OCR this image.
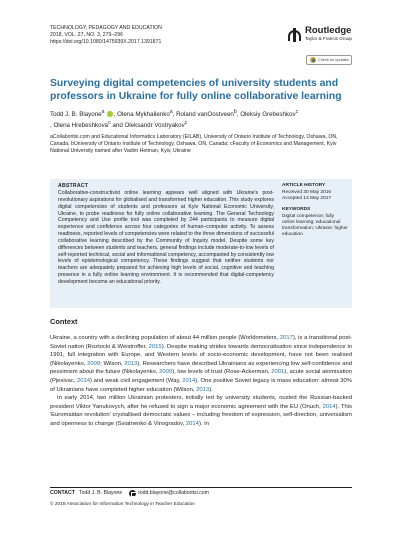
TECHNOLOGY, PEDAGOGY AND EDUCATION
2018, VOL. 27, NO. 3, 279–296
https://doi.org/10.1080/1475939X.2017.1391871
Routledge
Taylor & Francis Group
Check for updates
Surveying digital competencies of university students and professors in Ukraine for fully online collaborative learning
Todd J. B. Blayone$^a$ , Olena Mykhailenko$^a$, Roland vanOostveen$^b$, Oleksiy Grebeshkov$^c$
, Olena Hrebeshkova$^c$ and Oleksandr Vostryakov$^c$
aCollaboritsi.com and Educational Informatics Laboratory (EILAB), University of Ontario Institute of Technology, Oshawa, ON, Canada; bUniversity of Ontario Institute of Technology, Oshawa, ON, Canada; cFaculty of Economics and Management, Kyiv National University named after Vadim Hetman, Kyiv, Ukraine
ABSTRACT
Collaborative-constructivist online learning appears well aligned with Ukraine's post-revolutionary aspirations for globalised and transformed higher education. This study explores digital competencies of students and professors at Kyiv National Economic University, Ukraine, to probe readiness for fully online collaborative learning. The General Technology Competency and Use profile tool was completed by 244 participants to measure digital experience and confidence across four categories of human–computer activity. To assess readiness, reported levels of competencies were related to the three dimensions of successful collaborative learning described by the Community of Inquiry model. Despite some key differences between students and teachers, general findings include moderate-to-low levels of self-reported technical, social and informational competency, accompanied by consistently low levels of epistemological competency. These findings suggest that neither students nor teachers are adequately prepared for achieving high levels of social, cognitive and teaching presence in a fully online learning environment. It is recommended that digital-competency development become an educational priority.
ARTICLE HISTORY
Received 30 May 2016
Accepted 13 May 2017
KEYWORDS
Digital competence; fully online learning; educational transformation; Ukraine; higher education
Context

Ukraine, a country with a declining population of about 44 million people (Worldometers, 2017), is a transitional post-Soviet nation (Roztocki & Weistroffer, 2015). Despite making strides towards democratisation since independence in 1991, full integration with Europe, and Western levels of socio-economic development, have not been realised (Nikolayenko, 2009; Wilson, 2013). Researchers have described Ukrainians as experiencing low self-confidence and pessimism about the future (Nikolayenko, 2009), low levels of trust (Rose-Ackerman, 2001), acute social atomisation (Pjesivac, 2014) and weak civil engagement (Way, 2014). One positive Soviet legacy is mass education: almost 30% of Ukrainians have completed higher education (Wilson, 2013).

In early 2014, two million Ukrainian protesters, initially led by university students, ousted the Russian-backed president Viktor Yanukovych, after he refused to sign a major economic agreement with the EU (Onuch, 2014). This 'Euromaidan revolution' crystallised democratic values – including freedom of expression, self-direction, universalism and openness to change (Sviatnenko & Vinogradov, 2014). In

CONTACT Todd J. B. Blayone	todd.blayone@collaboritsi.com
© 2018 Association for Information Technology in Teacher Education
